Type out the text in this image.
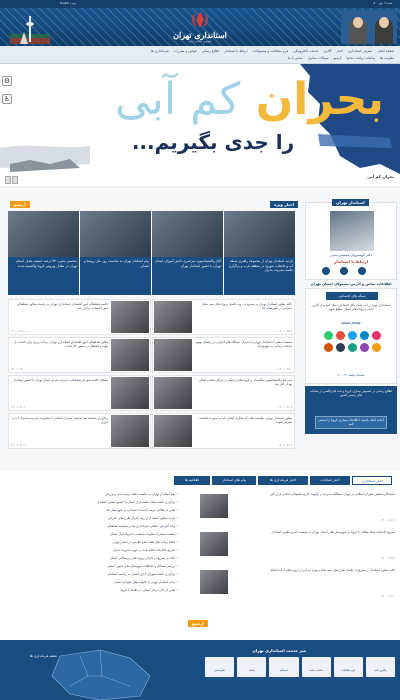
شنبه ۱۳ مهر ۱۴۰۰
ورود | English
استانداری تهران
جمهوری اسلامی ایران
صفحه اصلی
معرفی استانداری
اخبار
گالری
خدمات الکترونیکی
فرم مطالبات و پیشنهادات
ارتباط با استاندار
اطلاع رسانی
قوانین و مقررات
فرمانداری ها
معاونت ها
سامانه دریافت محتوا
آرشیو
سوالات متداول
تماس با ما
بحران کم آبی
را جدی بگیریم...
⚙
♿
بحران کم آبی
اخبار ویژه
آرشیو
بازدید استاندار تهران از مجموعه راهبری شبکه آب و فاضلاب شهری در منطقه غرب و برگزاری جلسه مدیریت بحران
آغاز واکسیناسیون سراسری دانش آموزان استان تهران با حضور استاندار تهران
پیام استاندار تهران به مناسبت روز ملی روستا و عشایر
محسنی بندپی: ۴۳ درصد جمعیت هدف استان تهران در مقابل ویروس کرونا واکسینه شدند
تاکید معاون استاندار تهران بر تسریع در روند تکمیل پروژه های نیمه تمام عمرانی در شهرستان ها
۱۴۰۰/۰۷/۱۱
جلسه هماهنگی امور اقتصادی استانداری تهران به ریاست معاون هماهنگی امور اقتصادی برگزار شد
۱۴۰۰/۰۷/۱۱
نشست مشترک استاندار تهران با مدیران دستگاه های اجرایی در راستای بهبود خدمات رسانی به شهروندان
۱۴۰۰/۰۷/۱۰
معاون هماهنگی امور اقتصادی استانداری تهران: برنامه ریزی برای حمایت از تولید و اشتغال در دستور کار است
۱۴۰۰/۰۷/۱۰
ثبت نام واکسیناسیون سالمندان و گروه های پرخطر در مراکز منتخب استان تهران آغاز شد
۱۴۰۰/۰۷/۰۹
تشکیل جلسه شورای هماهنگی مدیریت بحران استان تهران با حضور استاندار
۱۴۰۰/۰۷/۰۹
معاون استاندار تهران: ظرفیت های گردشگری استان باید به صورت هدفمند معرفی شوند
۱۴۰۰/۰۷/۰۸
برگزاری نشست هم اندیشی مدیران استانی با محوریت مدیریت مصرف آب و انرژی
۱۴۰۰/۰۷/۰۸
استاندار تهران
دکتر انوشیروان محسنی بندپی
ارتباط با استاندار
اطلاعات تماس و آدرس مسئولان استان تهران
شبکه های اجتماعی
استانداری تهران را در شبکه های اجتماعی دنبال کنید و از آخرین اخبار و رویدادهای استان مطلع شوید
@ostan_teh
سامانه پیامک ۳۰۰۰۲۱
اطلاع رسانی در خصوص بیماری کرونا و ثبت نام واکسن در سامانه های رسمی کشور
آماده کمک باشید، اطلاعات بیماری کرونا را منتشر کنید
اخبار استانداری
اخبار انتخابات
اخبار فرمانداری ها
پیام های استاندار
اطلاعیه ها
• پیام استاندار تهران به مناسبت هفته تربیت بدنی و ورزش
• برگزاری جلسه ستاد تنظیم بازار استان با حضور معاون استاندار
• تقدیر از فعالان عرصه خدمات اجتماعی در شهرستان ها
• بازدید معاون استاندار از روند اجرای طرح های عمرانی
• ارائه گزارش عملکرد فرمانداری ها در نشست هماهنگی
• نشست مشترک معاونت سیاسی با فرمانداران استان
• اعلام برنامه های هفته دفاع مقدس در استان تهران
• تشریح اقدامات انجام شده در حوزه مدیریت بحران
• تاکید بر تسریع در اجرای پروژه های زیرساختی استان
• بررسی مسائل و مشکلات شهرستان های جنوبی استان
• برگزاری جلسه شورای اداری استان به ریاست استاندار
• دیدار استاندار تهران با خانواده های شهدای استان
• تقدیر از کادر درمان استان در مقابله با کرونا
نمایندگان مجلس شورای اسلامی از تهران: مطالبات مردم در اولویت کاری مسئولان استانی قرار گیرد
۱۴۰۰/۰۷/۱۳
تشریح اقدامات ستاد مقابله با کرونا در شهرستان های استان تهران در نشست خبری معاون استاندار
۱۴۰۰/۰۷/۱۲
تاکید معاون استاندار بر تسریع در تکمیل طرح های نیمه تمام و بهره برداری از پروژه های آماده افتتاح
۱۴۰۰/۰۷/۱۱
آرشیو
نقشه فرمانداری ها
میز خدمت استانداری تهران
پیگیری نامه
فرم مطالبات
سامانه سامد
استعلام
پیامک
نظرسنجی
